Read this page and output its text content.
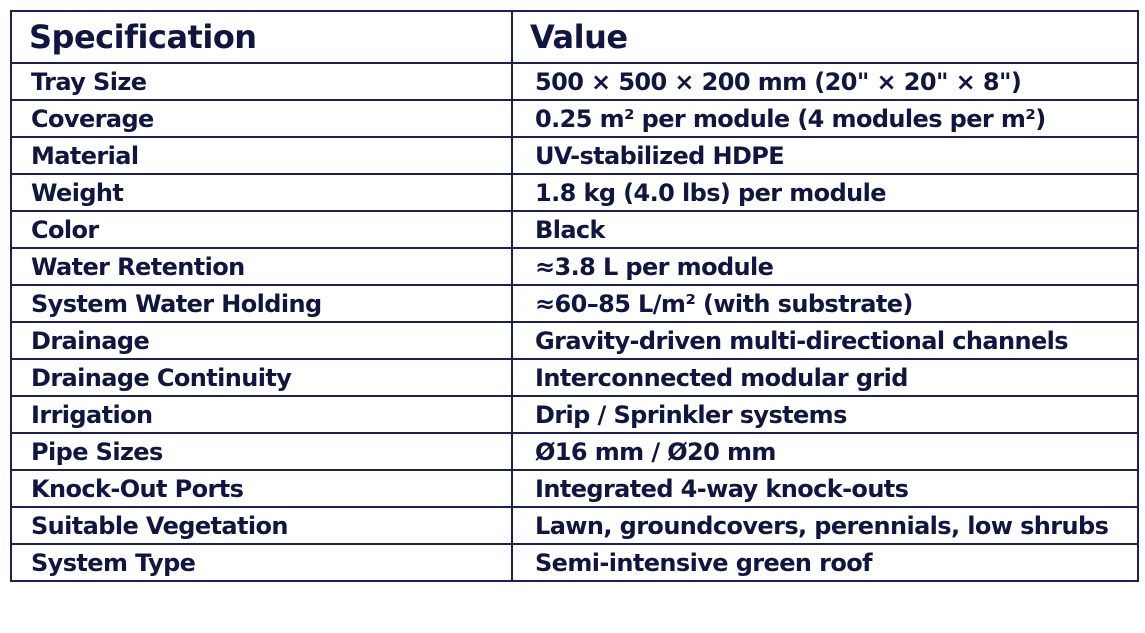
Specification	Value
Tray Size	500 × 500 × 200 mm (20" × 20" × 8")
Coverage	0.25 m² per module (4 modules per m²)
Material	UV-stabilized HDPE
Weight	1.8 kg (4.0 lbs) per module
Color	Black
Water Retention	≈3.8 L per module
System Water Holding	≈60–85 L/m² (with substrate)
Drainage	Gravity-driven multi-directional channels
Drainage Continuity	Interconnected modular grid
Irrigation	Drip / Sprinkler systems
Pipe Sizes	Ø16 mm / Ø20 mm
Knock-Out Ports	Integrated 4-way knock-outs
Suitable Vegetation	Lawn, groundcovers, perennials, low shrubs
System Type	Semi-intensive green roof
